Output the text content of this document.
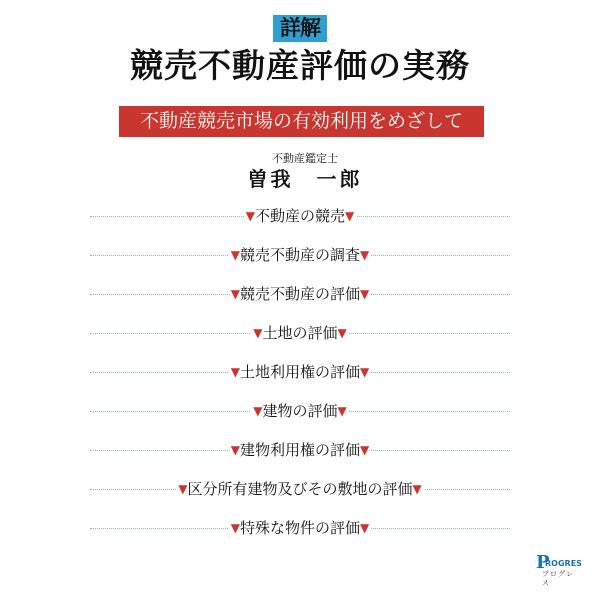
詳解
競売不動産評価の実務
不動産競売市場の有効利用をめざして
不動産鑑定士
曽我　一郎
▼不動産の競売▼
▼競売不動産の調査▼
▼競売不動産の評価▼
▼土地の評価▼
▼土地利用権の評価▼
▼建物の評価▼
▼建物利用権の評価▼
▼区分所有建物及びその敷地の評価▼
▼特殊な物件の評価▼
P
ROGRES
プログレス
